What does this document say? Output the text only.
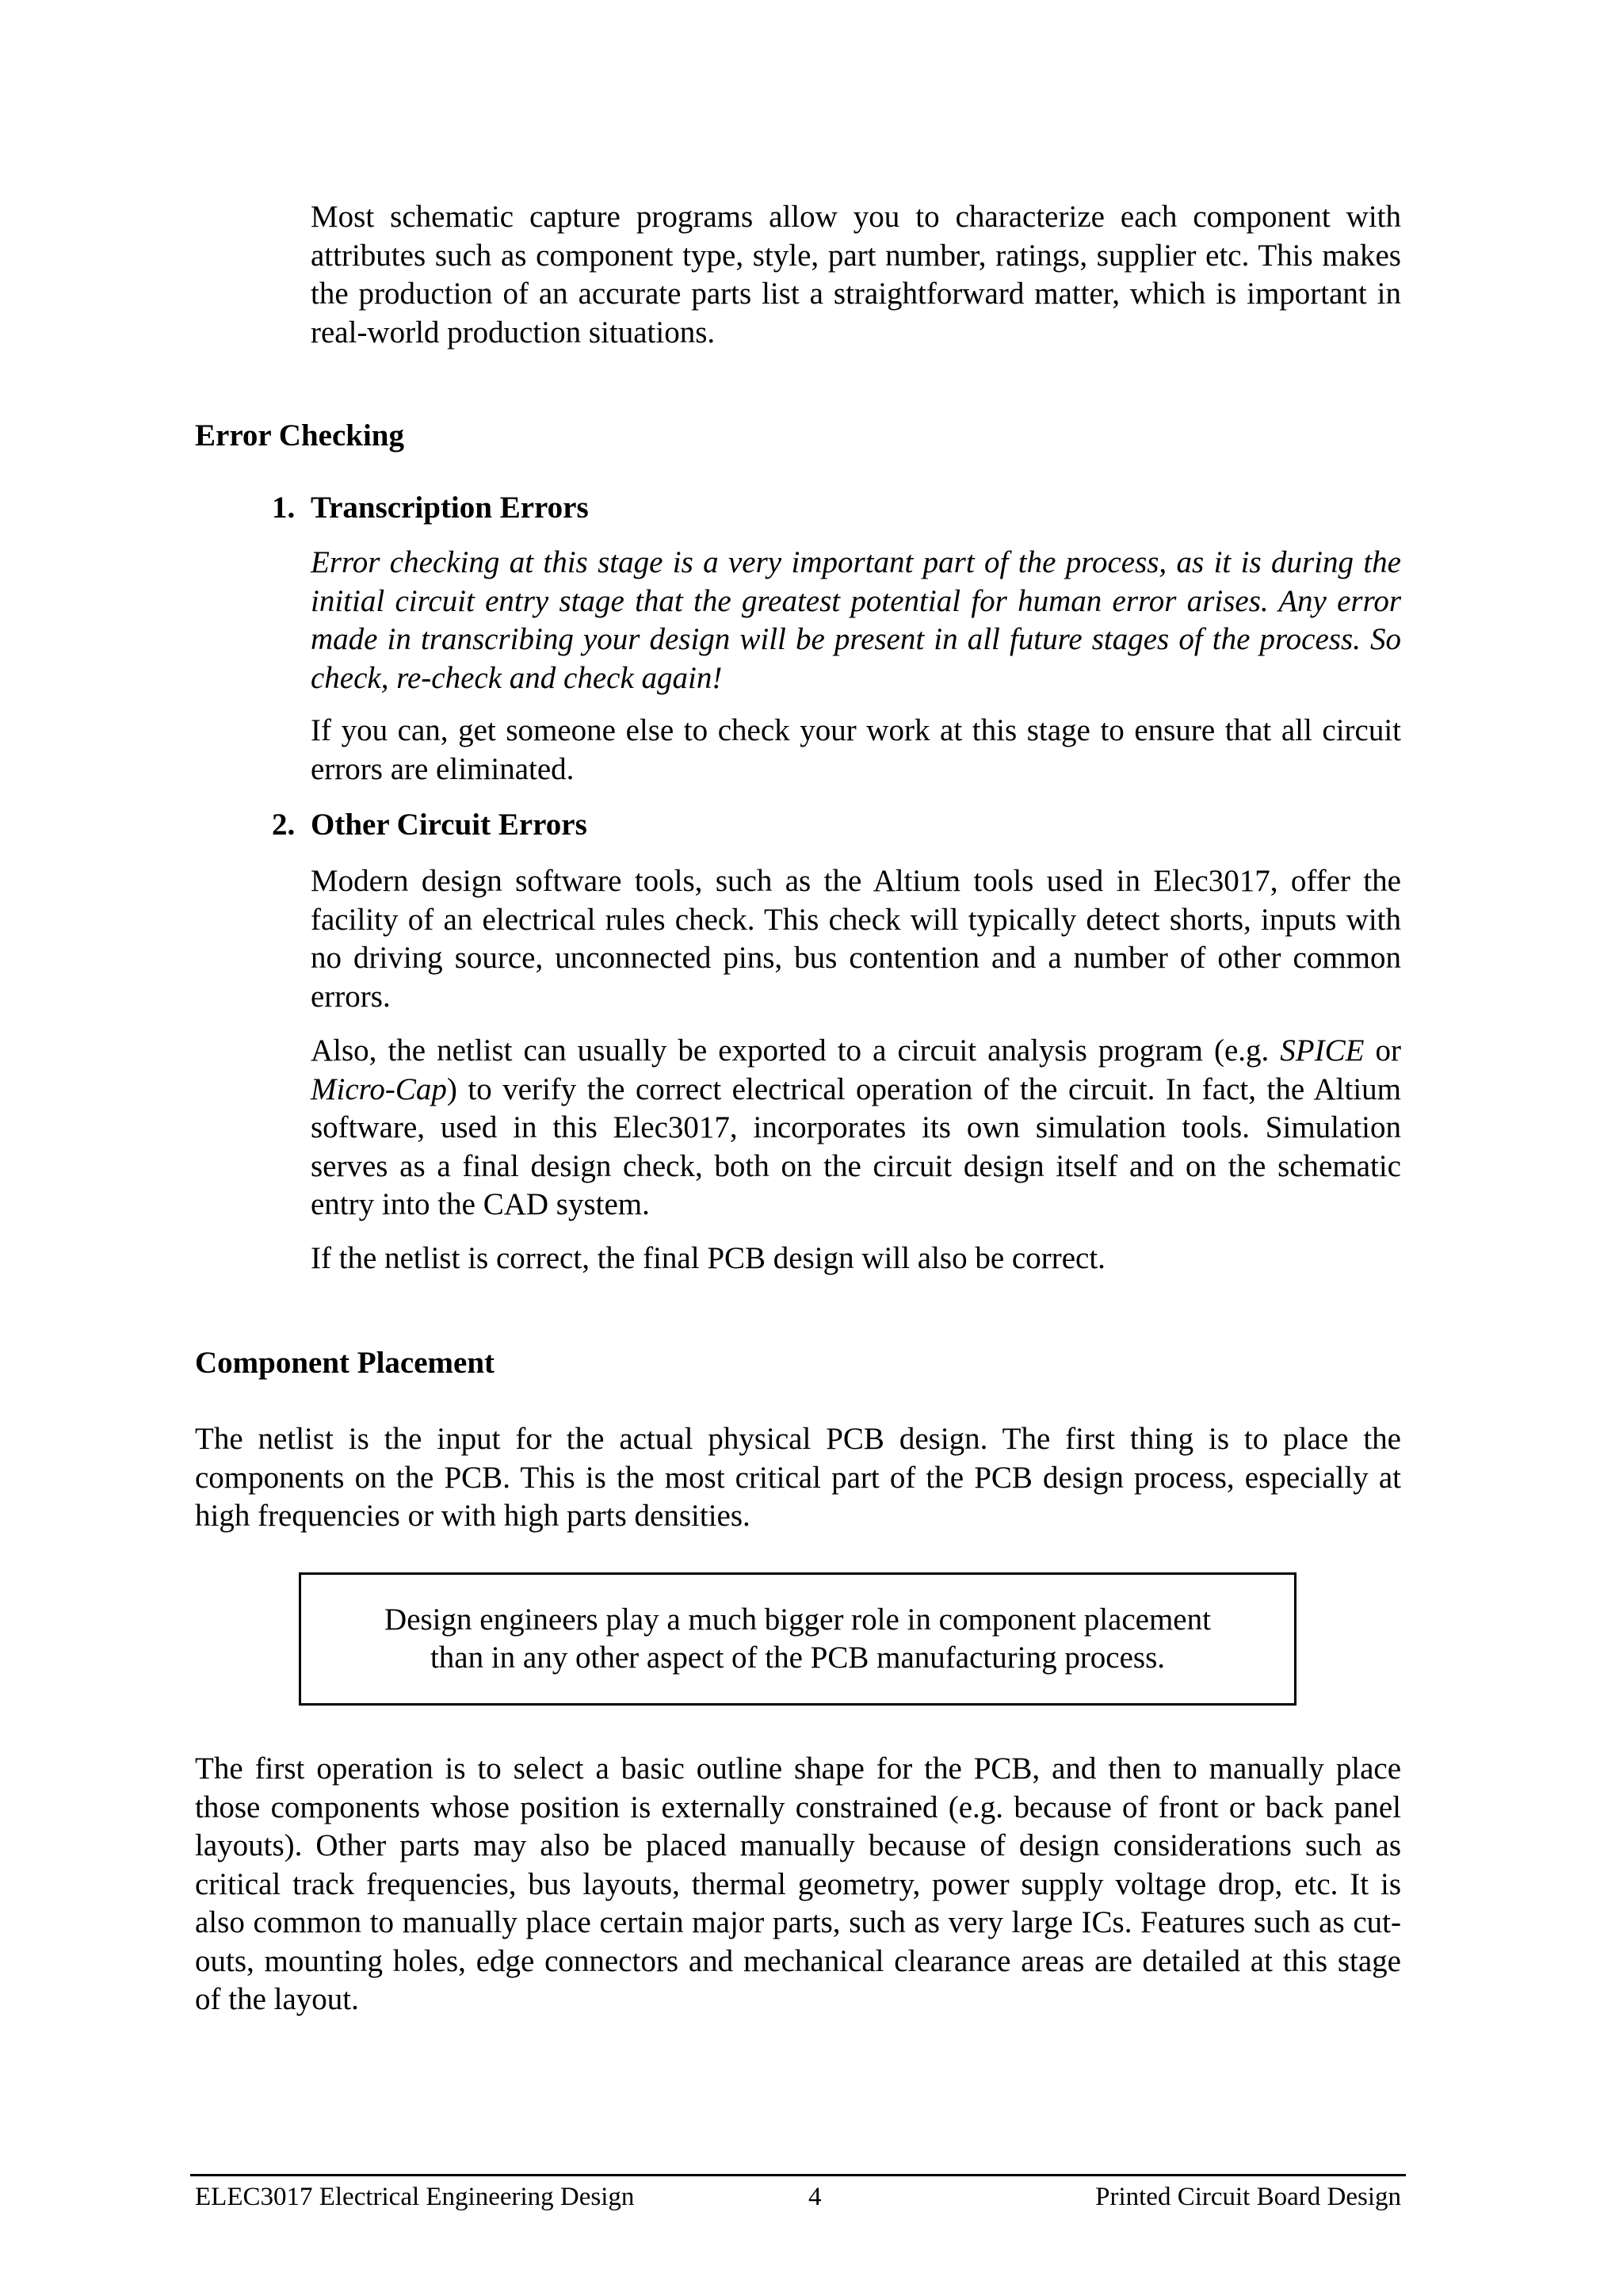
Most schematic capture programs allow you to characterize each component with attributes such as component type, style, part number, ratings, supplier etc. This makes the production of an accurate parts list a straightforward matter, which is important in real-world production situations.

Error Checking
1. Transcription Errors

Error checking at this stage is a very important part of the process, as it is during the initial circuit entry stage that the greatest potential for human error arises. Any error made in transcribing your design will be present in all future stages of the process. So check, re-check and check again!

If you can, get someone else to check your work at this stage to ensure that all circuit errors are eliminated.

2. Other Circuit Errors

Modern design software tools, such as the Altium tools used in Elec3017, offer the facility of an electrical rules check. This check will typically detect shorts, inputs with no driving source, unconnected pins, bus contention and a number of other common errors.

Also, the netlist can usually be exported to a circuit analysis program (e.g. SPICE or Micro-Cap) to verify the correct electrical operation of the circuit. In fact, the Altium software, used in this Elec3017, incorporates its own simulation tools. Simulation serves as a final design check, both on the circuit design itself and on the schematic entry into the CAD system.

If the netlist is correct, the final PCB design will also be correct.

Component Placement

The netlist is the input for the actual physical PCB design. The first thing is to place the components on the PCB. This is the most critical part of the PCB design process, especially at high frequencies or with high parts densities.

Design engineers play a much bigger role in component placement
than in any other aspect of the PCB manufacturing process.

The first operation is to select a basic outline shape for the PCB, and then to manually place those components whose position is externally constrained (e.g. because of front or back panel layouts). Other parts may also be placed manually because of design considerations such as critical track frequencies, bus layouts, thermal geometry, power supply voltage drop, etc. It is also common to manually place certain major parts, such as very large ICs. Features such as cut-outs, mounting holes, edge connectors and mechanical clearance areas are detailed at this stage of the layout.

ELEC3017 Electrical Engineering Design	4	Printed Circuit Board Design
